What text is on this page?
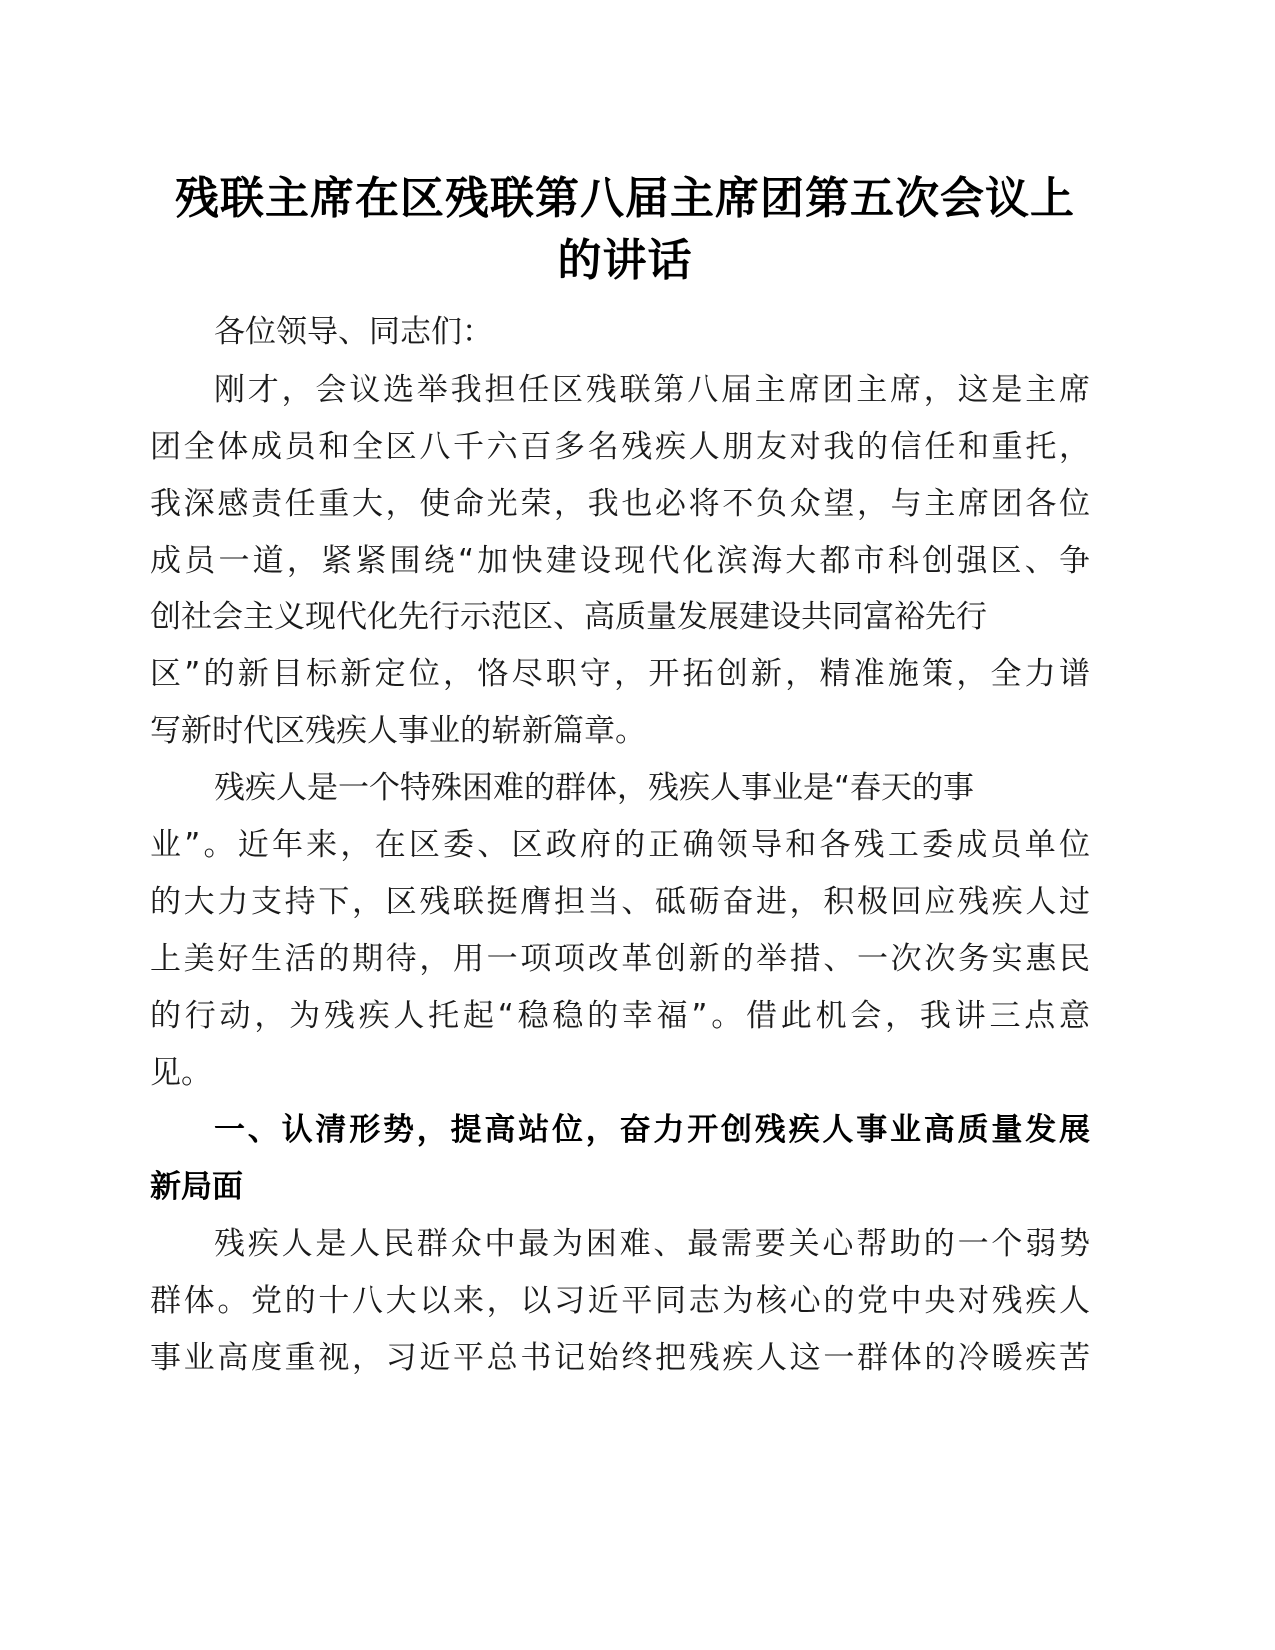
残联主席在区残联第八届主席团第五次会议上
的讲话
各位领导、同志们：
刚才，会议选举我担任区残联第八届主席团主席，这是主席
团全体成员和全区八千六百多名残疾人朋友对我的信任和重托，
我深感责任重大，使命光荣，我也必将不负众望，与主席团各位
成员一道，紧紧围绕“加快建设现代化滨海大都市科创强区、争
创社会主义现代化先行示范区、高质量发展建设共同富裕先行
区”的新目标新定位，恪尽职守，开拓创新，精准施策，全力谱
写新时代区残疾人事业的崭新篇章。
残疾人是一个特殊困难的群体，残疾人事业是“春天的事
业”。近年来，在区委、区政府的正确领导和各残工委成员单位
的大力支持下，区残联挺膺担当、砥砺奋进，积极回应残疾人过
上美好生活的期待，用一项项改革创新的举措、一次次务实惠民
的行动，为残疾人托起“稳稳的幸福”。借此机会，我讲三点意
见。
一、认清形势，提高站位，奋力开创残疾人事业高质量发展
新局面
残疾人是人民群众中最为困难、最需要关心帮助的一个弱势
群体。党的十八大以来，以习近平同志为核心的党中央对残疾人
事业高度重视，习近平总书记始终把残疾人这一群体的冷暖疾苦
